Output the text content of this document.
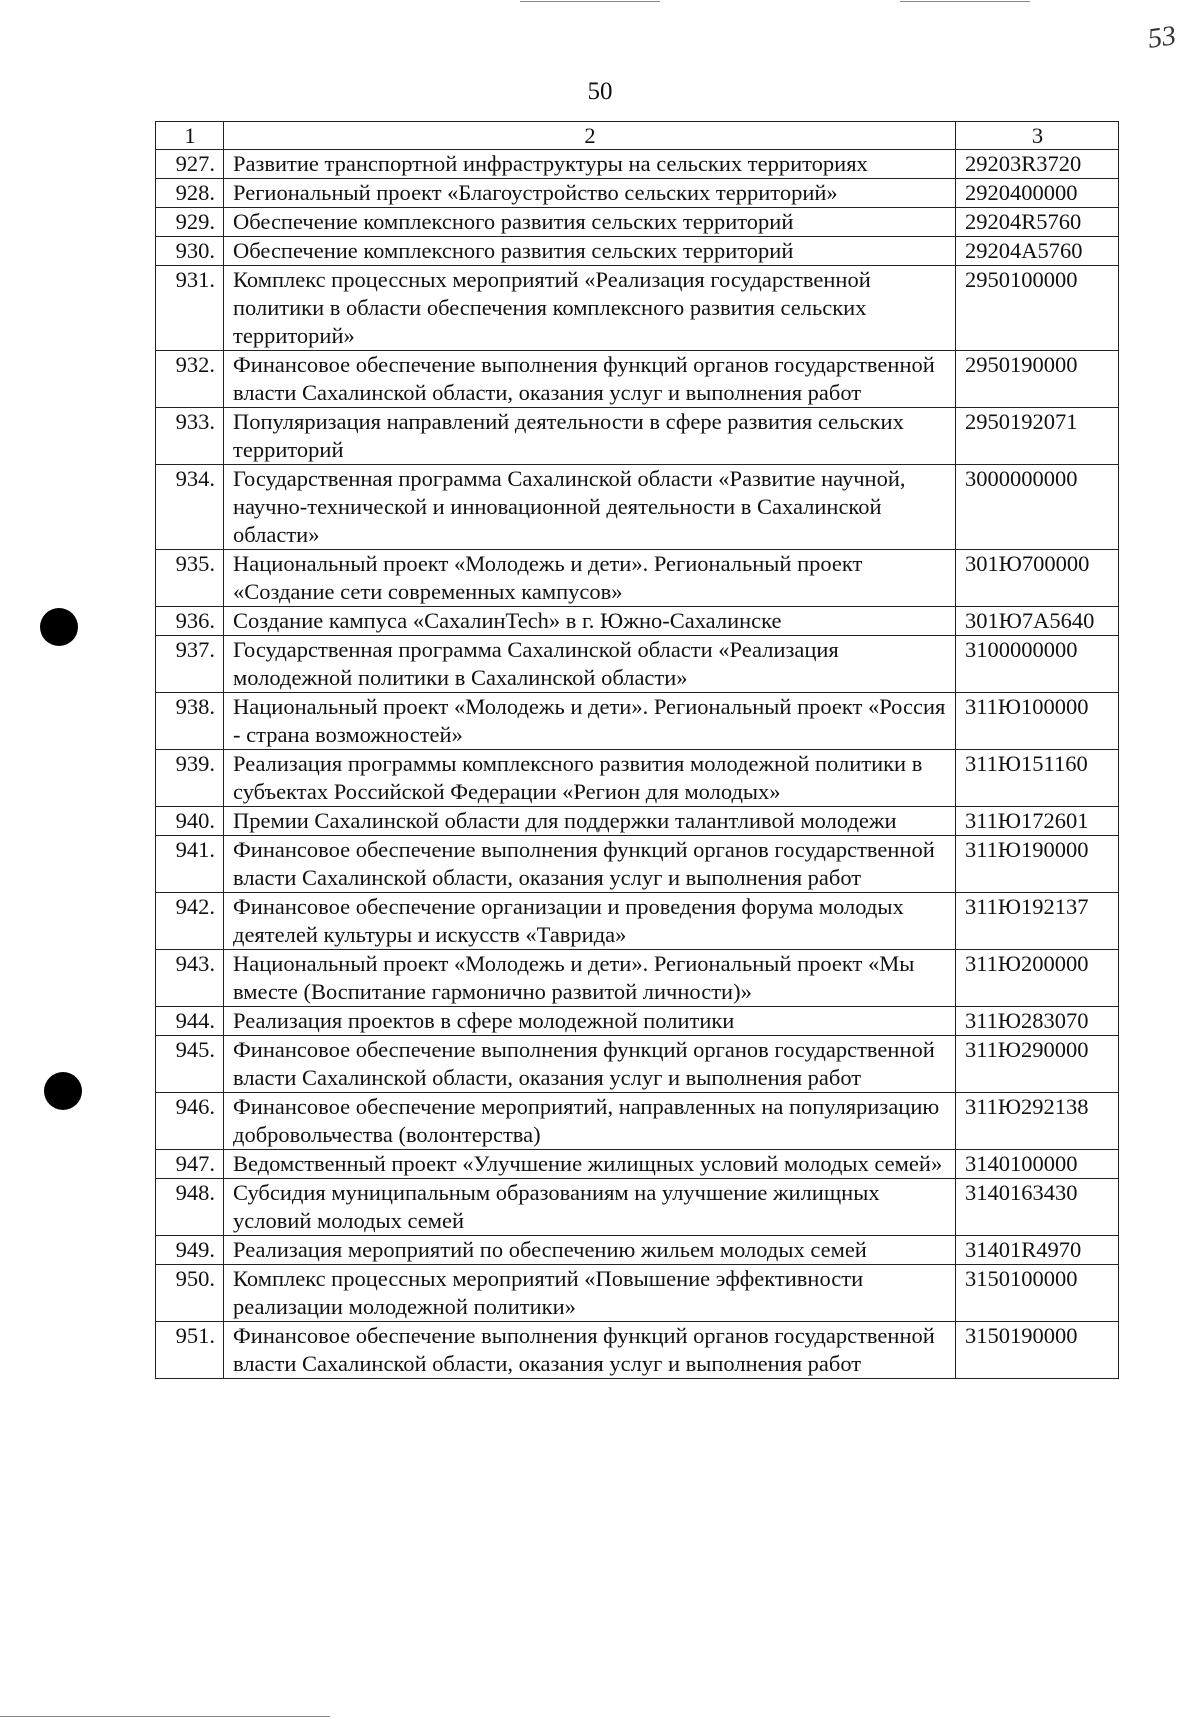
53
50
1	2	3
927.	Развитие транспортной инфраструктуры на сельских территориях	29203R3720
928.	Региональный проект «Благоустройство сельских территорий»	2920400000
929.	Обеспечение комплексного развития сельских территорий	29204R5760
930.	Обеспечение комплексного развития сельских территорий	29204A5760
931.	Комплекс процессных мероприятий «Реализация государственной политики в области обеспечения комплексного развития сельских территорий»	2950100000
932.	Финансовое обеспечение выполнения функций органов государственной власти Сахалинской области, оказания услуг и выполнения работ	2950190000
933.	Популяризация направлений деятельности в сфере развития сельских территорий	2950192071
934.	Государственная программа Сахалинской области «Развитие научной, научно-технической и инновационной деятельности в Сахалинской области»	3000000000
935.	Национальный проект «Молодежь и дети». Региональный проект «Создание сети современных кампусов»	301Ю700000
936.	Создание кампуса «СахалинTech» в г. Южно-Сахалинске	301Ю7А5640
937.	Государственная программа Сахалинской области «Реализация молодежной политики в Сахалинской области»	3100000000
938.	Национальный проект «Молодежь и дети». Региональный проект «Россия - страна возможностей»	311Ю100000
939.	Реализация программы комплексного развития молодежной политики в субъектах Российской Федерации «Регион для молодых»	311Ю151160
940.	Премии Сахалинской области для поддержки талантливой молодежи	311Ю172601
941.	Финансовое обеспечение выполнения функций органов государственной власти Сахалинской области, оказания услуг и выполнения работ	311Ю190000
942.	Финансовое обеспечение организации и проведения форума молодых деятелей культуры и искусств «Таврида»	311Ю192137
943.	Национальный проект «Молодежь и дети». Региональный проект «Мы вместе (Воспитание гармонично развитой личности)»	311Ю200000
944.	Реализация проектов в сфере молодежной политики	311Ю283070
945.	Финансовое обеспечение выполнения функций органов государственной власти Сахалинской области, оказания услуг и выполнения работ	311Ю290000
946.	Финансовое обеспечение мероприятий, направленных на популяризацию добровольчества (волонтерства)	311Ю292138
947.	Ведомственный проект «Улучшение жилищных условий молодых семей»	3140100000
948.	Субсидия муниципальным образованиям на улучшение жилищных условий молодых семей	3140163430
949.	Реализация мероприятий по обеспечению жильем молодых семей	31401R4970
950.	Комплекс процессных мероприятий «Повышение эффективности реализации молодежной политики»	3150100000
951.	Финансовое обеспечение выполнения функций органов государственной власти Сахалинской области, оказания услуг и выполнения работ	3150190000
